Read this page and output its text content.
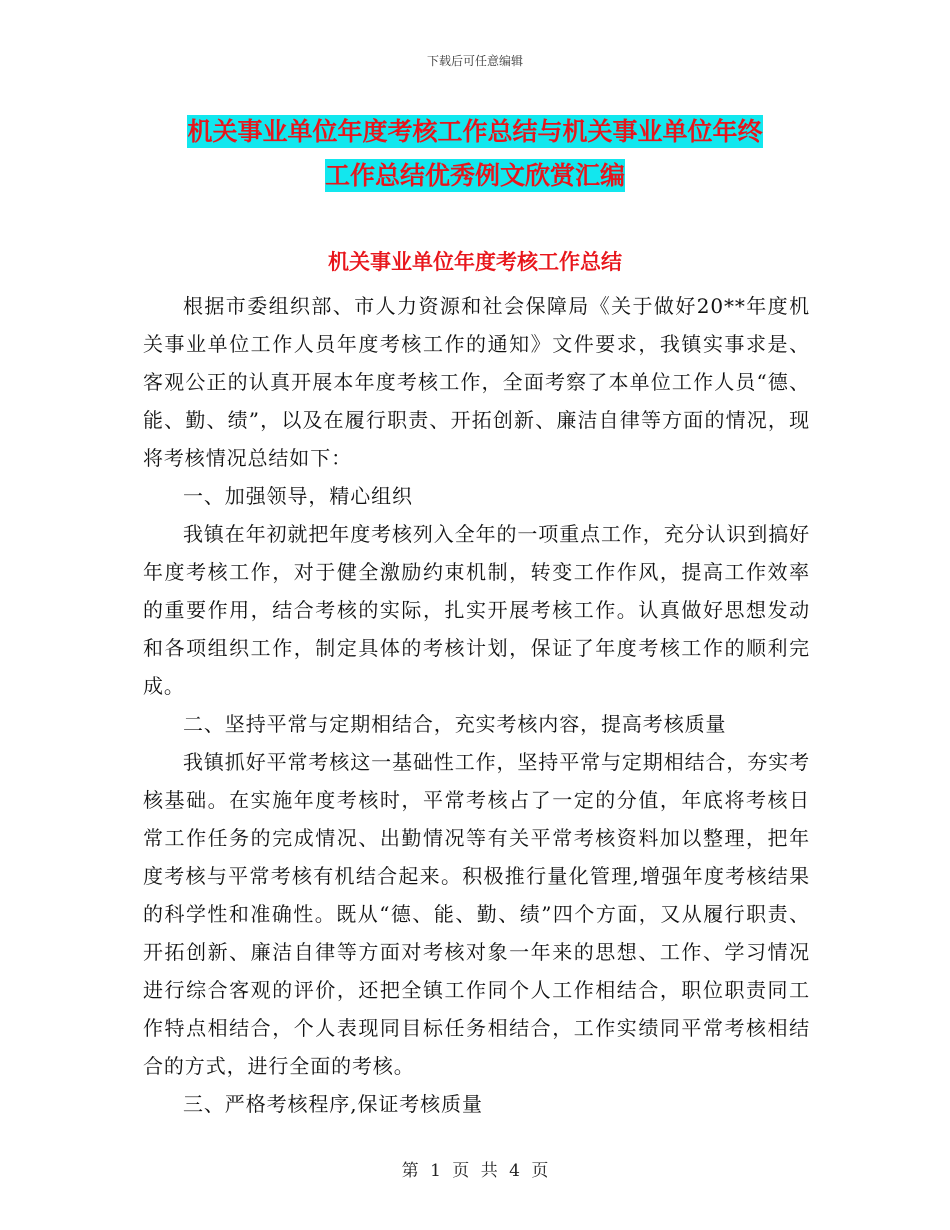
下载后可任意编辑
机关事业单位年度考核工作总结与机关事业单位年终
工作总结优秀例文欣赏汇编
机关事业单位年度考核工作总结

根据市委组织部、市人力资源和社会保障局《关于做好20**年度机关事业单位工作人员年度考核工作的通知》文件要求，我镇实事求是、客观公正的认真开展本年度考核工作，全面考察了本单位工作人员“德、能、勤、绩”，以及在履行职责、开拓创新、廉洁自律等方面的情况，现将考核情况总结如下：

一、加强领导，精心组织

我镇在年初就把年度考核列入全年的一项重点工作，充分认识到搞好年度考核工作，对于健全激励约束机制，转变工作作风，提高工作效率的重要作用，结合考核的实际，扎实开展考核工作。认真做好思想发动和各项组织工作，制定具体的考核计划，保证了年度考核工作的顺利完成。

二、坚持平常与定期相结合，充实考核内容，提高考核质量

我镇抓好平常考核这一基础性工作，坚持平常与定期相结合，夯实考核基础。在实施年度考核时，平常考核占了一定的分值，年底将考核日常工作任务的完成情况、出勤情况等有关平常考核资料加以整理，把年度考核与平常考核有机结合起来。积极推行量化管理,增强年度考核结果的科学性和准确性。既从“德、能、勤、绩”四个方面，又从履行职责、开拓创新、廉洁自律等方面对考核对象一年来的思想、工作、学习情况进行综合客观的评价，还把全镇工作同个人工作相结合，职位职责同工作特点相结合，个人表现同目标任务相结合，工作实绩同平常考核相结合的方式，进行全面的考核。

三、严格考核程序,保证考核质量

第 1 页 共 4 页
